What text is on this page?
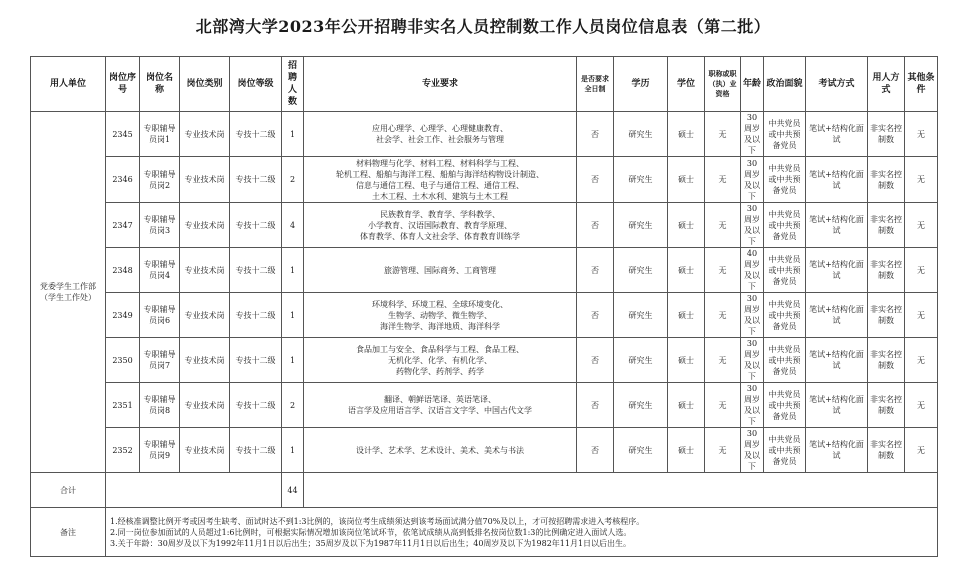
北部湾大学2023年公开招聘非实名人员控制数工作人员岗位信息表（第二批）
用人单位	岗位序号	岗位名称	岗位类别	岗位等级	招聘人数	专业要求	是否要求全日制	学历	学位	职称或职（执）业资格	年龄	政治面貌	考试方式	用人方式	其他条件
党委学生工作部（学生工作处）	2345	专职辅导员岗1	专业技术岗	专技十二级	1	应用心理学、心理学、心理健康教育、
社会学、社会工作、社会服务与管理	否	研究生	硕士	无	30周岁及以下	中共党员或中共预备党员	笔试+结构化面试	非实名控制数	无
	2346	专职辅导员岗2	专业技术岗	专技十二级	2	材料物理与化学、材料工程、材料科学与工程、
轮机工程、船舶与海洋工程、船舶与海洋结构物设计制造、
信息与通信工程、电子与通信工程、通信工程、
土木工程、土木水利、建筑与土木工程	否	研究生	硕士	无	30周岁及以下	中共党员或中共预备党员	笔试+结构化面试	非实名控制数	无
	2347	专职辅导员岗3	专业技术岗	专技十二级	4	民族教育学、教育学、学科教学、
小学教育、汉语国际教育、教育学原理、
体育教学、体育人文社会学、体育教育训练学	否	研究生	硕士	无	30周岁及以下	中共党员或中共预备党员	笔试+结构化面试	非实名控制数	无
	2348	专职辅导员岗4	专业技术岗	专技十二级	1	旅游管理、国际商务、工商管理	否	研究生	硕士	无	40周岁及以下	中共党员或中共预备党员	笔试+结构化面试	非实名控制数	无
	2349	专职辅导员岗6	专业技术岗	专技十二级	1	环境科学、环境工程、全球环境变化、
生物学、动物学、微生物学、
海洋生物学、海洋地质、海洋科学	否	研究生	硕士	无	30周岁及以下	中共党员或中共预备党员	笔试+结构化面试	非实名控制数	无
	2350	专职辅导员岗7	专业技术岗	专技十二级	1	食品加工与安全、食品科学与工程、食品工程、
无机化学、化学、有机化学、
药物化学、药剂学、药学	否	研究生	硕士	无	30周岁及以下	中共党员或中共预备党员	笔试+结构化面试	非实名控制数	无
	2351	专职辅导员岗8	专业技术岗	专技十二级	2	翻译、朝鲜语笔译、英语笔译、
语言学及应用语言学、汉语言文字学、中国古代文学	否	研究生	硕士	无	30周岁及以下	中共党员或中共预备党员	笔试+结构化面试	非实名控制数	无
	2352	专职辅导员岗9	专业技术岗	专技十二级	1	设计学、艺术学、艺术设计、美术、美术与书法	否	研究生	硕士	无	30周岁及以下	中共党员或中共预备党员	笔试+结构化面试	非实名控制数	无
合计					44										
备注	1.经核准调整比例开考或因考生缺考、面试时达不到1:3比例的，该岗位考生成绩须达到该考场面试满分值70%及以上，才可按招聘需求进入考核程序。
2.同一岗位参加面试的人员超过1:6比例时，可根据实际情况增加该岗位笔试环节，依笔试成绩从高到低排名按岗位数1:3的比例确定进入面试人选。
3.关于年龄：30周岁及以下为1992年11月1日以后出生；35周岁及以下为1987年11月1日以后出生；40周岁及以下为1982年11月1日以后出生。														
